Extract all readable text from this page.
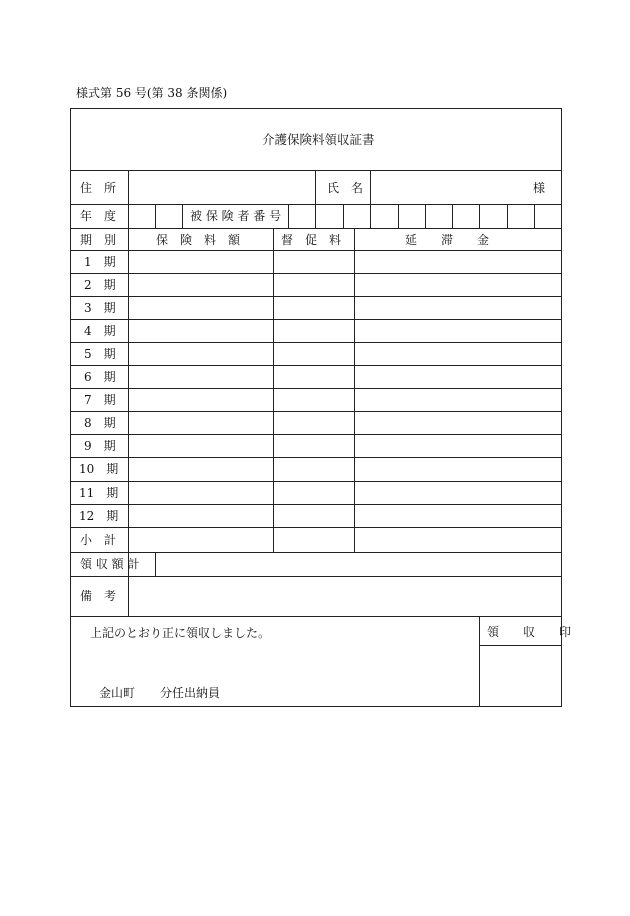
様式第 56 号(第 38 条関係)
介護保険料領収証書
住　所	氏　名	様
年　度	被 保 険 者 番 号
期　別	保　険　料　額	督　促　料	延　　滞　　金
1　期
2　期
3　期
4　期
5　期
6　期
7　期
8　期
9　期
10　期
11　期
12　期
小　計
領 収 額 計
備　考
領　　収　　印
上記のとおり正に領収しました。
金山町 分任出納員
